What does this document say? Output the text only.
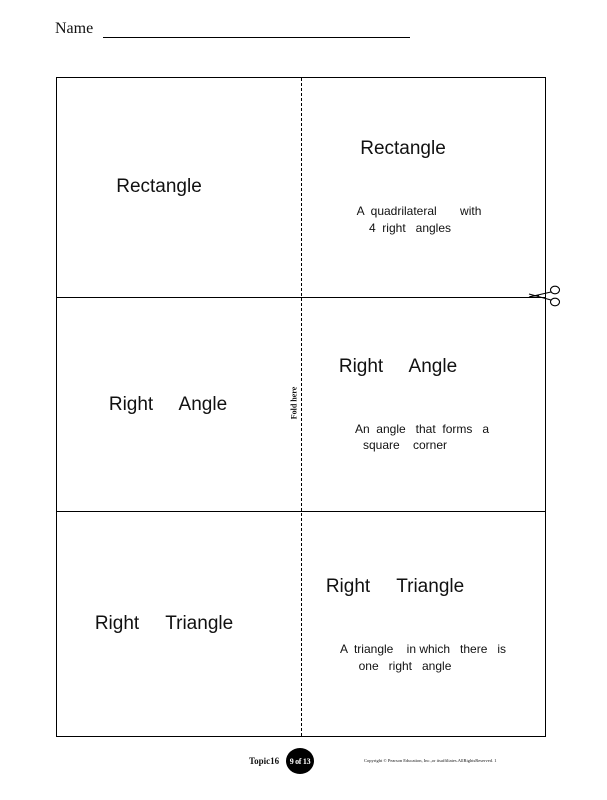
Name
Fold here
Rectangle
Rectangle
A  quadrilateral       with
4  right   angles
Right     Angle
Right     Angle
An  angle   that  forms   a
square    corner
Right     Triangle
Right     Triangle
A  triangle    in which   there   is
one   right   angle
Topic16	9 of 13	Copyright © Pearson Education, Inc.,or itsaffiliates.AllRightsReserved. 1
